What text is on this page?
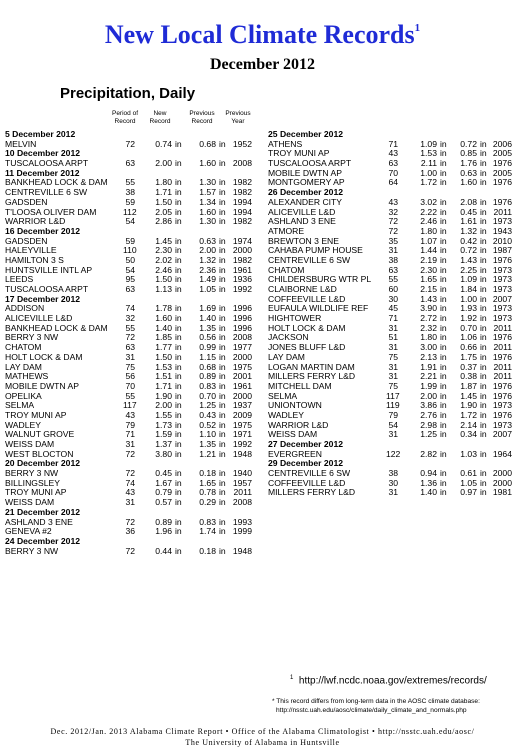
New Local Climate Records$^1$
December 2012
Precipitation, Daily
Period of
Record
New
Record
Previous
Record
Previous
Year
5 December 2012
MELVIN	72	0.74 in	0.68 in 1952
10 December 2012
TUSCALOOSA ARPT	63	2.00 in	1.60 in 2008
11 December 2012
BANKHEAD LOCK & DAM	55	1.80 in	1.30 in 1982
CENTREVILLE 6 SW	38	1.71 in	1.57 in 1982
GADSDEN	59	1.50 in	1.34 in 1994
T'LOOSA OLIVER DAM	112	2.05 in	1.60 in 1994
WARRIOR L&D	54	2.86 in	1.30 in 1982
16 December 2012
GADSDEN	59	1.45 in	0.63 in 1974
HALEYVILLE	110	2.30 in	2.00 in 2000
HAMILTON 3 S	50	2.02 in	1.32 in 1982
HUNTSVILLE INTL AP	54	2.46 in	2.36 in 1961
LEEDS	95	1.50 in	1.49 in 1936
TUSCALOOSA ARPT	63	1.13 in	1.05 in 1992
17 December 2012
ADDISON	74	1.78 in	1.69 in 1996
ALICEVILLE L&D	32	1.60 in	1.40 in 1996
BANKHEAD LOCK & DAM	55	1.40 in	1.35 in 1996
BERRY 3 NW	72	1.85 in	0.56 in 2008
CHATOM	63	1.77 in	0.99 in 1977
HOLT LOCK & DAM	31	1.50 in	1.15 in 2000
LAY DAM	75	1.53 in	0.68 in 1975
MATHEWS	56	1.51 in	0.89 in 2001
MOBILE DWTN AP	70	1.71 in	0.83 in 1961
OPELIKA	55	1.90 in	0.70 in 2000
SELMA	117	2.00 in	1.25 in 1937
TROY MUNI AP	43	1.55 in	0.43 in 2009
WADLEY	79	1.73 in	0.52 in 1975
WALNUT GROVE	71	1.59 in	1.10 in 1971
WEISS DAM	31	1.37 in	1.35 in 1992
WEST BLOCTON	72	3.80 in	1.21 in 1948
20 December 2012
BERRY 3 NW	72	0.45 in	0.18 in 1940
BILLINGSLEY	74	1.67 in	1.65 in 1957
TROY MUNI AP	43	0.79 in	0.78 in 2011
WEISS DAM	31	0.57 in	0.29 in 2008
21 December 2012
ASHLAND 3 ENE	72	0.89 in	0.83 in 1993
GENEVA #2	36	1.96 in	1.74 in 1999
24 December 2012
BERRY 3 NW	72	0.44 in	0.18 in 1948
25 December 2012
ATHENS	71	1.09 in	0.72 in 2006
TROY MUNI AP	43	1.53 in	0.85 in 2005
TUSCALOOSA ARPT	63	2.11 in	1.76 in 1976
MOBILE DWTN AP	70	1.00 in	0.63 in 2005
MONTGOMERY AP	64	1.72 in	1.60 in 1976
26 December 2012
ALEXANDER CITY	43	3.02 in	2.08 in 1976
ALICEVILLE L&D	32	2.22 in	0.45 in 2011
ASHLAND 3 ENE	72	2.46 in	1.61 in 1973
ATMORE	72	1.80 in	1.32 in 1943
BREWTON 3 ENE	35	1.07 in	0.42 in 2010
CAHABA PUMP HOUSE	31	1.44 in	0.72 in 1987
CENTREVILLE 6 SW	38	2.19 in	1.43 in 1976
CHATOM	63	2.30 in	2.25 in 1973
CHILDERSBURG WTR PL	55	1.65 in	1.09 in 1973
CLAIBORNE L&D	60	2.15 in	1.84 in 1973
COFFEEVILLE L&D	30	1.43 in	1.00 in 2007
EUFAULA WILDLIFE REF	45	3.90 in	1.93 in 1973
HIGHTOWER	71	2.72 in	1.92 in 1973
HOLT LOCK & DAM	31	2.32 in	0.70 in 2011
JACKSON	51	1.80 in	1.06 in 1976
JONES BLUFF L&D	31	3.00 in	0.66 in 2011
LAY DAM	75	2.13 in	1.75 in 1976
LOGAN MARTIN DAM	31	1.91 in	0.37 in 2011
MILLERS FERRY L&D	31	2.21 in	0.38 in 2011
MITCHELL DAM	75	1.99 in	1.87 in 1976
SELMA	117	2.00 in	1.45 in 1976
UNIONTOWN	119	3.86 in	1.90 in 1973
WADLEY	79	2.76 in	1.72 in 1976
WARRIOR L&D	54	2.98 in	2.14 in 1973
WEISS DAM	31	1.25 in	0.34 in 2007
27 December 2012
EVERGREEN	122	2.82 in	1.03 in 1964
29 December 2012
CENTREVILLE 6 SW	38	0.94 in	0.61 in 2000
COFFEEVILLE L&D	30	1.36 in	1.05 in 2000
MILLERS FERRY L&D	31	1.40 in	0.97 in 1981
$^1$ http://lwf.ncdc.noaa.gov/extremes/records/
* This record differs from long-term data in the AOSC climate database:
http://nsstc.uah.edu/aosc/climate/daily_climate_and_normals.php
Dec. 2012/Jan. 2013 Alabama Climate Report • Office of the Alabama Climatologist • http://nsstc.uah.edu/aosc/
The University of Alabama in Huntsville
